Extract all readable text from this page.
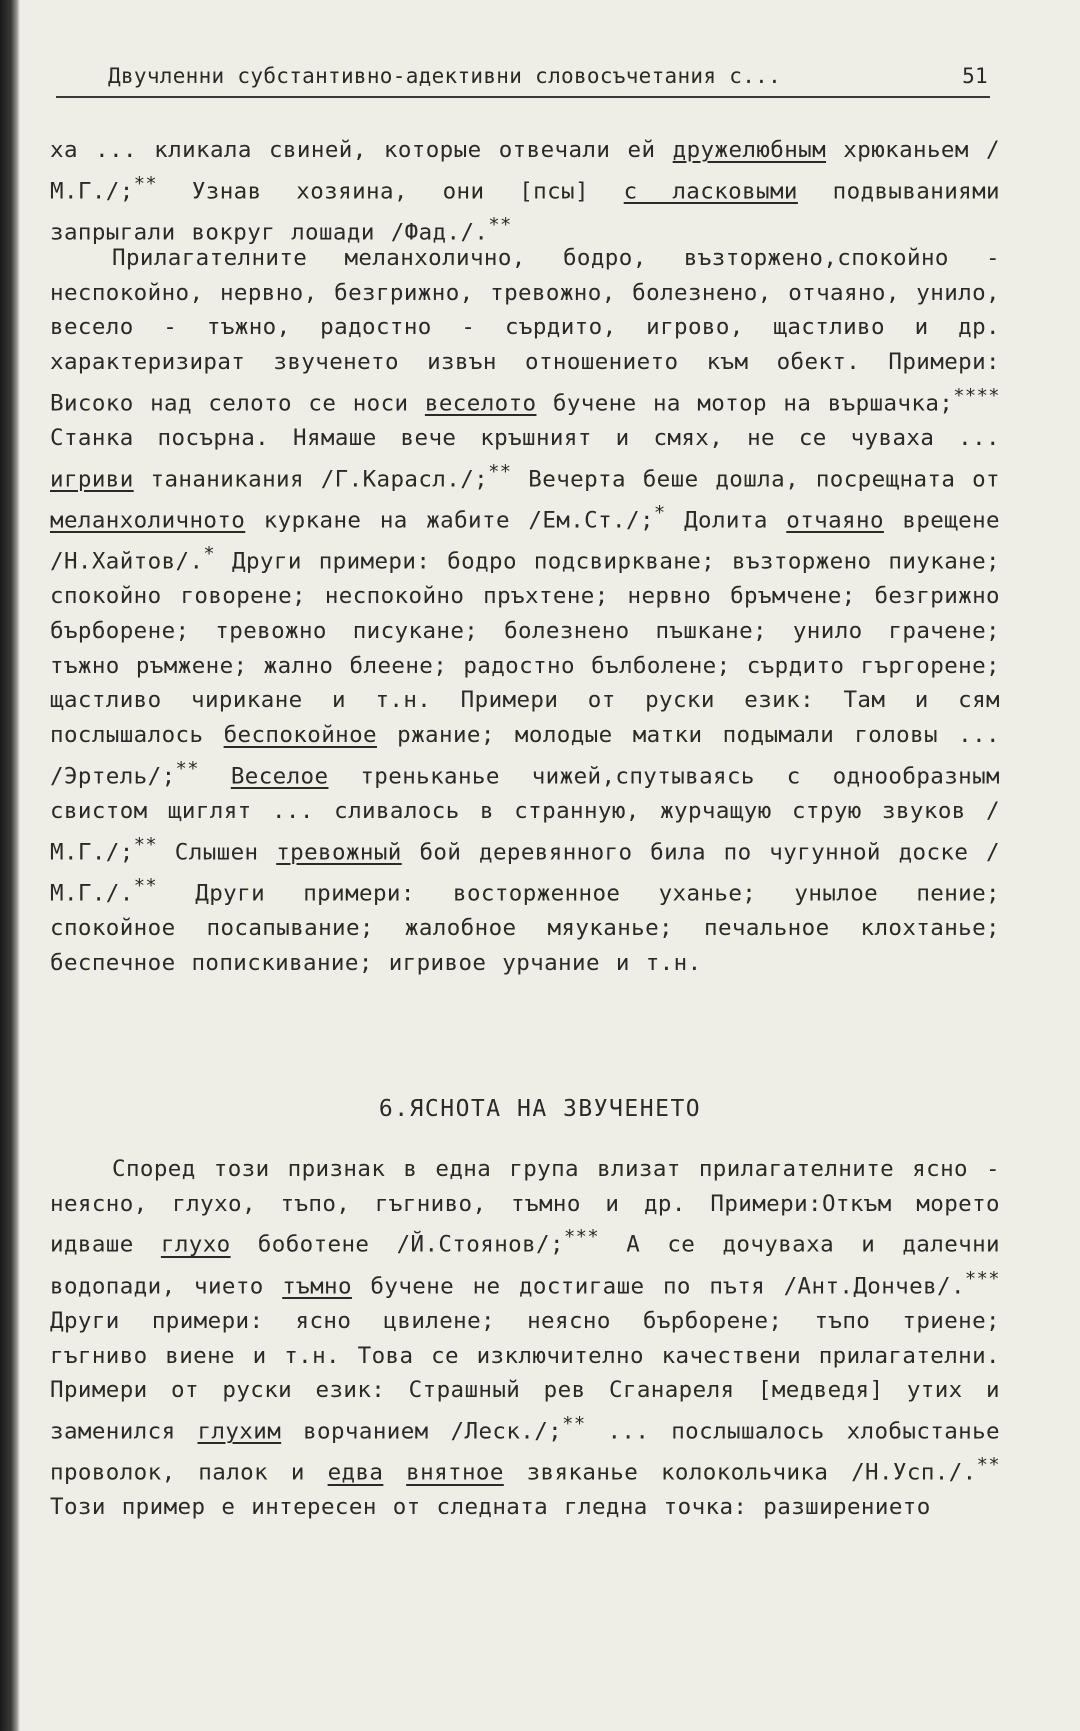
Двучленни субстантивно-адективни словосъчетания с...	51

ха ... кликала свиней, которые отвечали ей дружелюбным хрюканьем /М.Г./;** Узнав хозяина, они [псы] с ласковыми подвываниями запрыгали вокруг лошади /Фад./.**

Прилагателните меланхолично, бодро, възторжено,спокойно - неспокойно, нервно, безгрижно, тревожно, болезнено, отчаяно, унило, весело - тъжно, радостно - сърдито, игрово, щастливо и др. характеризират звученето извън отношението към обект. Примери: Високо над селото се носи веселото бучене на мотор на вършачка;**** Станка посърна. Нямаше вече кръшният и смях, не се чуваха ... игриви тананикания /Г.Карасл./;** Вечерта беше дошла, посрещната от меланхоличното куркане на жабите /Ем.Ст./;* Долита отчаяно врещене /Н.Хайтов/.* Други примери: бодро подсвиркване; възторжено пиукане; спокойно говорене; неспокойно пръхтене; нервно бръмчене; безгрижно бърборене; тревожно писукане; болезнено пъшкане; унило грачене; тъжно ръмжене; жално блеене; радостно бълболене; сърдито гъргорене; щастливо чирикане и т.н. Примери от руски език: Там и сям послышалось беспокойное ржание; молодые матки подымали головы ... /Эртель/;** Веселое треньканье чижей,спутываясь с однообразным свистом щиглят ... сливалось в странную, журчащую струю звуков /М.Г./;** Слышен тревожный бой деревянного била по чугунной доске /М.Г./.** Други примери: восторженное уханье; унылое пение; спокойное посапывание; жалобное мяуканье; печальное клохтанье; беспечное попискивание; игривое урчание и т.н.

6.ЯСНОТА НА ЗВУЧЕНЕТО

Според този признак в една група влизат прилагателните ясно - неясно, глухо, тъпо, гъгниво, тъмно и др. Примери:Откъм морето идваше глухо боботене /Й.Стоянов/;*** А се дочуваха и далечни водопади, чието тъмно бучене не достигаше по пътя /Ант.Дончев/.*** Други примери: ясно цвилене; неясно бърборене; тъпо триене; гъгниво виене и т.н. Това се изключително качествени прилагателни. Примери от руски език: Страшный рев Сганареля [медведя] утих и заменился глухим ворчанием /Леск./;** ... послышалось хлобыстанье проволок, палок и едва внятное звяканье колокольчика /Н.Усп./.** Този пример е интересен от следната гледна точка: разширението
